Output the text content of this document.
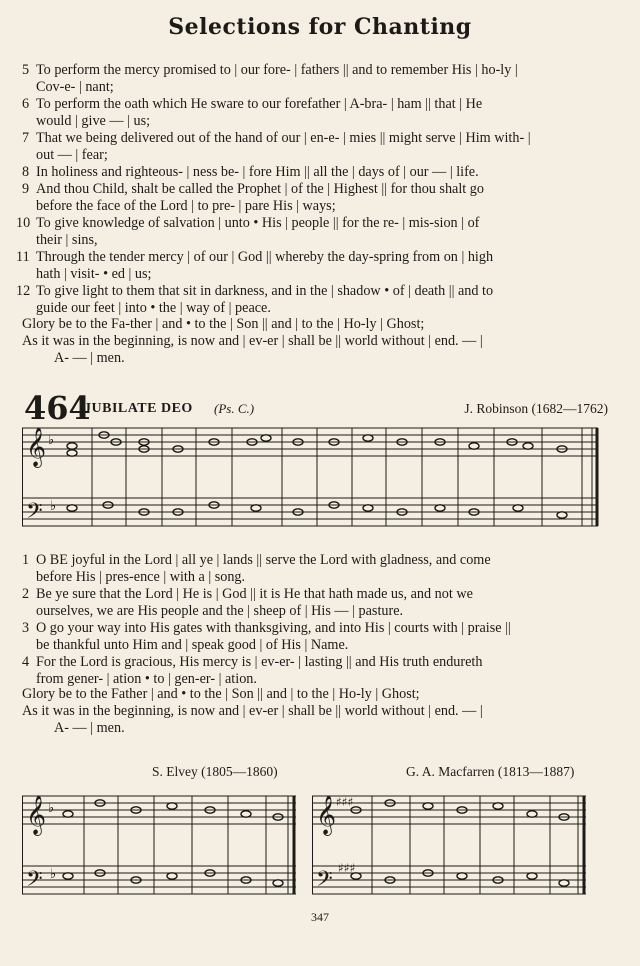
Selections for Chanting
5 To perform the mercy promised to | our fore- | fathers || and to remember His | ho-ly |
Cov-e- | nant;
6 To perform the oath which He sware to our forefather | A-bra- | ham || that | He
would | give — | us;
7 That we being delivered out of the hand of our | en-e- | mies || might serve | Him with- |
out — | fear;
8 In holiness and righteous- | ness be- | fore Him || all the | days of | our — | life.
9 And thou Child, shalt be called the Prophet | of the | Highest || for thou shalt go
before the face of the Lord | to pre- | pare His | ways;
10 To give knowledge of salvation | unto • His | people || for the re- | mis-sion | of
their | sins,
11 Through the tender mercy | of our | God || whereby the day-spring from on | high
hath | visit- • ed | us;
12 To give light to them that sit in darkness, and in the | shadow • of | death || and to
guide our feet | into • the | way of | peace.
Glory be to the Fa-ther | and • to the | Son || and | to the | Ho-ly | Ghost;
As it was in the beginning, is now and | ev-er | shall be || world without | end. — |
A- — | men.
464
JUBILATE DEO (Ps. C.)	J. Robinson (1682—1762)
𝄞
𝄢
♭
♭
1 O BE joyful in the Lord | all ye | lands || serve the Lord with gladness, and come
before His | pres-ence | with a | song.
2 Be ye sure that the Lord | He is | God || it is He that hath made us, and not we
ourselves, we are His people and the | sheep of | His — | pasture.
3 O go your way into His gates with thanksgiving, and into His | courts with | praise ||
be thankful unto Him and | speak good | of His | Name.
4 For the Lord is gracious, His mercy is | ev-er- | lasting || and His truth endureth
from gener- | ation • to | gen-er- | ation.
Glory be to the Father | and • to the | Son || and | to the | Ho-ly | Ghost;
As it was in the beginning, is now and | ev-er | shall be || world without | end. — |
A- — | men.
S. Elvey (1805—1860)	G. A. Macfarren (1813—1887)
𝄞
𝄢
♭
♭
𝄞
𝄢
♯♯♯
♯♯♯
347
